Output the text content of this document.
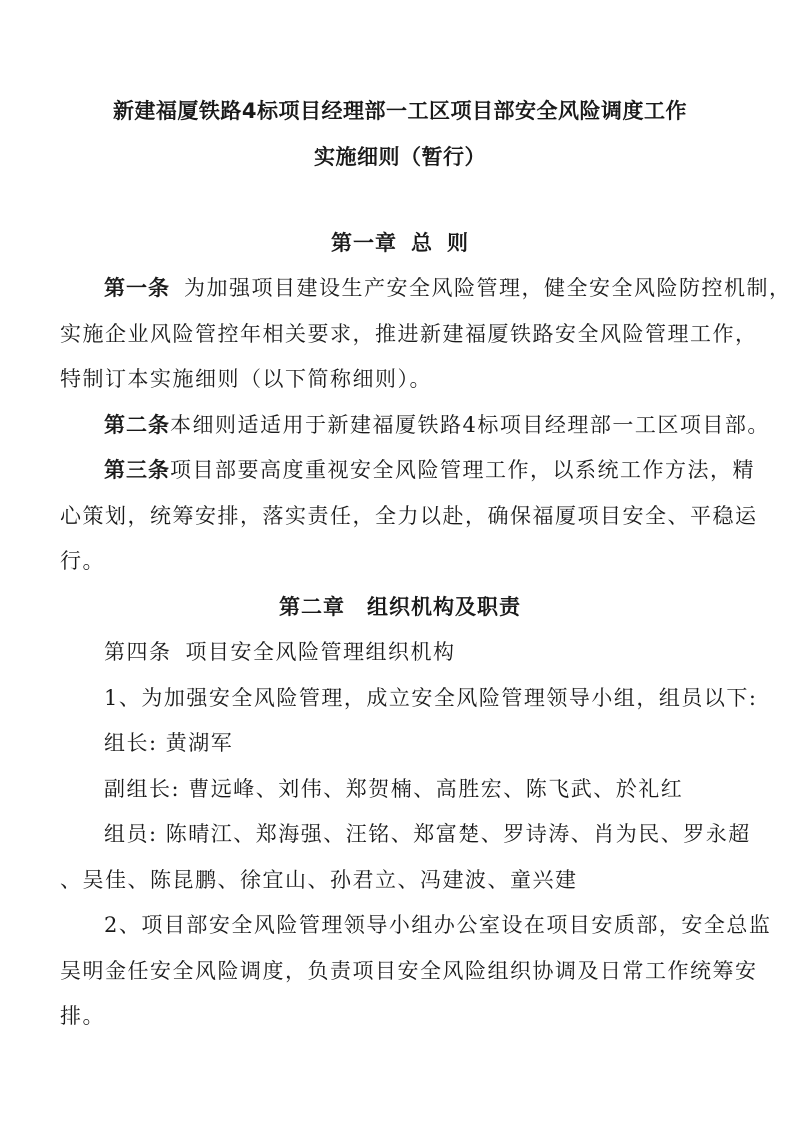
新建福厦铁路4标项目经理部一工区项目部安全风险调度工作
实施细则（暂行）
第一章 总 则
第一条 为加强项目建设生产安全风险管理，健全安全风险防控机制，
实施企业风险管控年相关要求，推进新建福厦铁路安全风险管理工作，
特制订本实施细则（以下简称细则）。
第二条本细则适适用于新建福厦铁路4标项目经理部一工区项目部。
第三条项目部要高度重视安全风险管理工作，以系统工作方法，精
心策划，统筹安排，落实责任，全力以赴，确保福厦项目安全、平稳运
行。
第二章 组织机构及职责
第四条 项目安全风险管理组织机构
1、为加强安全风险管理，成立安全风险管理领导小组，组员以下:
组长: 黄湖军
副组长: 曹远峰、刘伟、郑贺楠、高胜宏、陈飞武、於礼红
组员: 陈晴江、郑海强、汪铭、郑富楚、罗诗涛、肖为民、罗永超
、吴佳、陈昆鹏、徐宜山、孙君立、冯建波、童兴建
2、项目部安全风险管理领导小组办公室设在项目安质部，安全总监
吴明金任安全风险调度，负责项目安全风险组织协调及日常工作统筹安
排。
